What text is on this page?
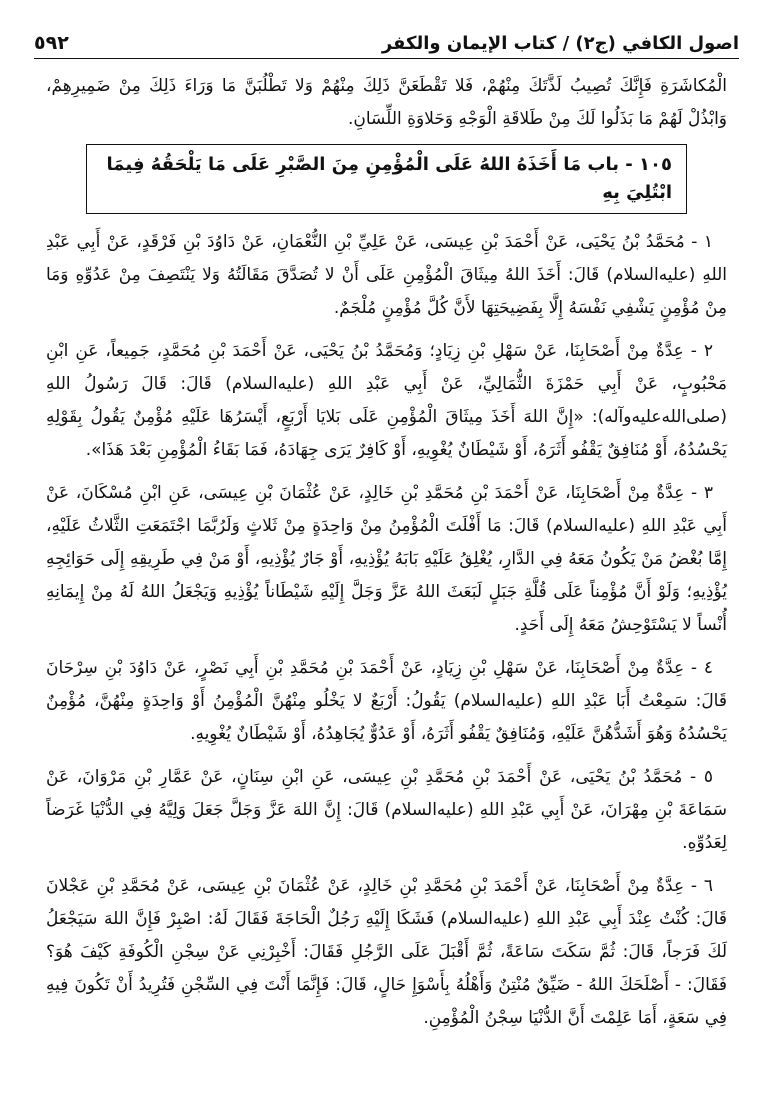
اصول الكافي (ج٢) / كتاب الإيمان والكفر
٥٩٢

الْمُكاشَرَةِ فَإِنَّكَ تُصِيبُ لَذَّتَكَ مِنْهُمْ، فَلا تَقْطَعَنَّ ذَلِكَ مِنْهُمْ وَلا تَطْلُبَنَّ مَا وَرَاءَ ذَلِكَ مِنْ ضَمِيرِهِمْ، وَابْذُلْ لَهُمْ مَا بَذَلُوا لَكَ مِنْ طَلاقَةِ الْوَجْهِ وَحَلاوَةِ اللِّسَانِ.

١٠٥ - باب مَا أَخَذَهُ اللهُ عَلَى الْمُؤْمِنِ مِنَ الصَّبْرِ عَلَى مَا يَلْحَقُهُ فِيمَا ابْتُلِيَ بِهِ

١ - مُحَمَّدُ بْنُ يَحْيَى، عَنْ أَحْمَدَ بْنِ عِيسَى، عَنْ عَلِيِّ بْنِ النُّعْمَانِ، عَنْ دَاوُدَ بْنِ فَرْقَدٍ، عَنْ أَبِي عَبْدِ اللهِ (عليه‌السلام) قَالَ: أَخَذَ اللهُ مِيثَاقَ الْمُؤْمِنِ عَلَى أَنْ لا تُصَدَّقَ مَقَالَتُهُ وَلا يَنْتَصِفَ مِنْ عَدُوِّهِ وَمَا مِنْ مُؤْمِنٍ يَشْفِي نَفْسَهُ إِلَّا بِفَضِيحَتِهَا لأَنَّ كُلَّ مُؤْمِنٍ مُلْجَمٌ.

٢ - عِدَّةٌ مِنْ أَصْحَابِنَا، عَنْ سَهْلِ بْنِ زِيَادٍ؛ وَمُحَمَّدُ بْنُ يَحْيَى، عَنْ أَحْمَدَ بْنِ مُحَمَّدٍ، جَمِيعاً، عَنِ ابْنِ مَحْبُوبٍ، عَنْ أَبِي حَمْزَةَ الثُّمَالِيِّ، عَنْ أَبِي عَبْدِ اللهِ (عليه‌السلام) قَالَ: قَالَ رَسُولُ اللهِ (صلى‌الله‌عليه‌وآله): «إِنَّ اللهَ أَخَذَ مِيثَاقَ الْمُؤْمِنِ عَلَى بَلايَا أَرْبَعٍ، أَيْسَرُهَا عَلَيْهِ مُؤْمِنٌ يَقُولُ بِقَوْلِهِ يَحْسُدُهُ، أَوْ مُنَافِقٌ يَقْفُو أَثَرَهُ، أَوْ شَيْطَانٌ يُغْوِيهِ، أَوْ كَافِرٌ يَرَى جِهَادَهُ، فَمَا بَقَاءُ الْمُؤْمِنِ بَعْدَ هَذَا».

٣ - عِدَّةٌ مِنْ أَصْحَابِنَا، عَنْ أَحْمَدَ بْنِ مُحَمَّدِ بْنِ خَالِدٍ، عَنْ عُثْمَانَ بْنِ عِيسَى، عَنِ ابْنِ مُسْكَانَ، عَنْ أَبِي عَبْدِ اللهِ (عليه‌السلام) قَالَ: مَا أَفْلَتَ الْمُؤْمِنُ مِنْ وَاحِدَةٍ مِنْ ثَلاثٍ وَلَرُبَّمَا اجْتَمَعَتِ الثَّلاثُ عَلَيْهِ، إِمَّا بُغْضُ مَنْ يَكُونُ مَعَهُ فِي الدَّارِ، يُغْلِقُ عَلَيْهِ بَابَهُ يُؤْذِيهِ، أَوْ جَارٌ يُؤْذِيهِ، أَوْ مَنْ فِي طَرِيقِهِ إِلَى حَوَائِجِهِ يُؤْذِيهِ؛ وَلَوْ أَنَّ مُؤْمِناً عَلَى قُلَّةِ جَبَلٍ لَبَعَثَ اللهُ عَزَّ وَجَلَّ إِلَيْهِ شَيْطَاناً يُؤْذِيهِ وَيَجْعَلُ اللهُ لَهُ مِنْ إِيمَانِهِ أُنْساً لا يَسْتَوْحِشُ مَعَهُ إِلَى أَحَدٍ.

٤ - عِدَّةٌ مِنْ أَصْحَابِنَا، عَنْ سَهْلِ بْنِ زِيَادٍ، عَنْ أَحْمَدَ بْنِ مُحَمَّدِ بْنِ أَبِي نَصْرٍ، عَنْ دَاوُدَ بْنِ سِرْحَانَ قَالَ: سَمِعْتُ أَبَا عَبْدِ اللهِ (عليه‌السلام) يَقُولُ: أَرْبَعٌ لا يَخْلُو مِنْهُنَّ الْمُؤْمِنُ أَوْ وَاحِدَةٍ مِنْهُنَّ، مُؤْمِنٌ يَحْسُدُهُ وَهُوَ أَشَدُّهُنَّ عَلَيْهِ، وَمُنَافِقٌ يَقْفُو أَثَرَهُ، أَوْ عَدُوٌّ يُجَاهِدُهُ، أَوْ شَيْطَانٌ يُغْوِيهِ.

٥ - مُحَمَّدُ بْنُ يَحْيَى، عَنْ أَحْمَدَ بْنِ مُحَمَّدِ بْنِ عِيسَى، عَنِ ابْنِ سِنَانٍ، عَنْ عَمَّارِ بْنِ مَرْوَانَ، عَنْ سَمَاعَةَ بْنِ مِهْرَانَ، عَنْ أَبِي عَبْدِ اللهِ (عليه‌السلام) قَالَ: إِنَّ اللهَ عَزَّ وَجَلَّ جَعَلَ وَلِيَّهُ فِي الدُّنْيَا غَرَضاً لِعَدُوِّهِ.

٦ - عِدَّةٌ مِنْ أَصْحَابِنَا، عَنْ أَحْمَدَ بْنِ مُحَمَّدِ بْنِ خَالِدٍ، عَنْ عُثْمَانَ بْنِ عِيسَى، عَنْ مُحَمَّدِ بْنِ عَجْلانَ قَالَ: كُنْتُ عِنْدَ أَبِي عَبْدِ اللهِ (عليه‌السلام) فَشَكَا إِلَيْهِ رَجُلٌ الْحَاجَةَ فَقَالَ لَهُ: اصْبِرْ فَإِنَّ اللهَ سَيَجْعَلُ لَكَ فَرَجاً، قَالَ: ثُمَّ سَكَتَ سَاعَةً، ثُمَّ أَقْبَلَ عَلَى الرَّجُلِ فَقَالَ: أَخْبِرْنِي عَنْ سِجْنِ الْكُوفَةِ كَيْفَ هُوَ؟ فَقَالَ: - أَصْلَحَكَ اللهُ - ضَيِّقٌ مُنْتِنٌ وَأَهْلُهُ بِأَسْوَإِ حَالٍ، قَالَ: فَإِنَّمَا أَنْتَ فِي السِّجْنِ فَتُرِيدُ أَنْ تَكُونَ فِيهِ فِي سَعَةٍ، أَمَا عَلِمْتَ أَنَّ الدُّنْيَا سِجْنُ الْمُؤْمِنِ.
